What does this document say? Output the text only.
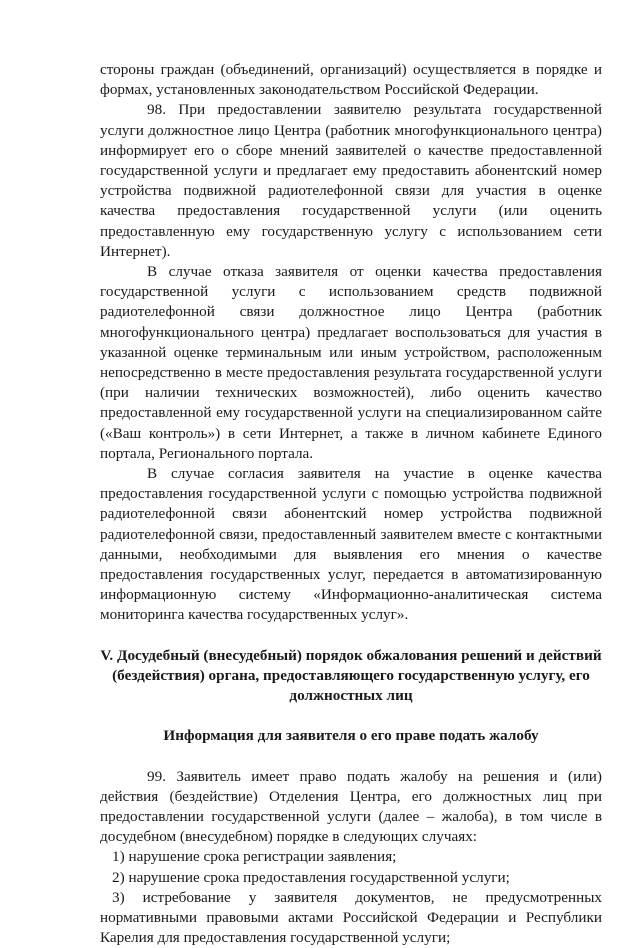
стороны граждан (объединений, организаций) осуществляется в порядке и формах, установленных законодательством Российской Федерации.

98. При предоставлении заявителю результата государственной услуги должностное лицо Центра (работник многофункционального центра) информирует его о сборе мнений заявителей о качестве предоставленной государственной услуги и предлагает ему предоставить абонентский номер устройства подвижной радиотелефонной связи для участия в оценке качества предоставления государственной услуги (или оценить предоставленную ему государственную услугу с использованием сети Интернет).

В случае отказа заявителя от оценки качества предоставления государственной услуги с использованием средств подвижной радиотелефонной связи должностное лицо Центра (работник многофункционального центра) предлагает воспользоваться для участия в указанной оценке терминальным или иным устройством, расположенным непосредственно в месте предоставления результата государственной услуги (при наличии технических возможностей), либо оценить качество предоставленной ему государственной услуги на специализированном сайте («Ваш контроль») в сети Интернет, а также в личном кабинете Единого портала, Регионального портала.

В случае согласия заявителя на участие в оценке качества предоставления государственной услуги с помощью устройства подвижной радиотелефонной связи абонентский номер устройства подвижной радиотелефонной связи, предоставленный заявителем вместе с контактными данными, необходимыми для выявления его мнения о качестве предоставления государственных услуг, передается в автоматизированную информационную систему «Информационно-аналитическая система мониторинга качества государственных услуг».

V. Досудебный (внесудебный) порядок обжалования решений и действий (бездействия) органа, предоставляющего государственную услугу, его должностных лиц

Информация для заявителя о его праве подать жалобу

99. Заявитель имеет право подать жалобу на решения и (или) действия (бездействие) Отделения Центра, его должностных лиц при предоставлении государственной услуги (далее – жалоба), в том числе в досудебном (внесудебном) порядке в следующих случаях:

1) нарушение срока регистрации заявления;

2) нарушение срока предоставления государственной услуги;

3) истребование у заявителя документов, не предусмотренных нормативными правовыми актами Российской Федерации и Республики Карелия для предоставления государственной услуги;
